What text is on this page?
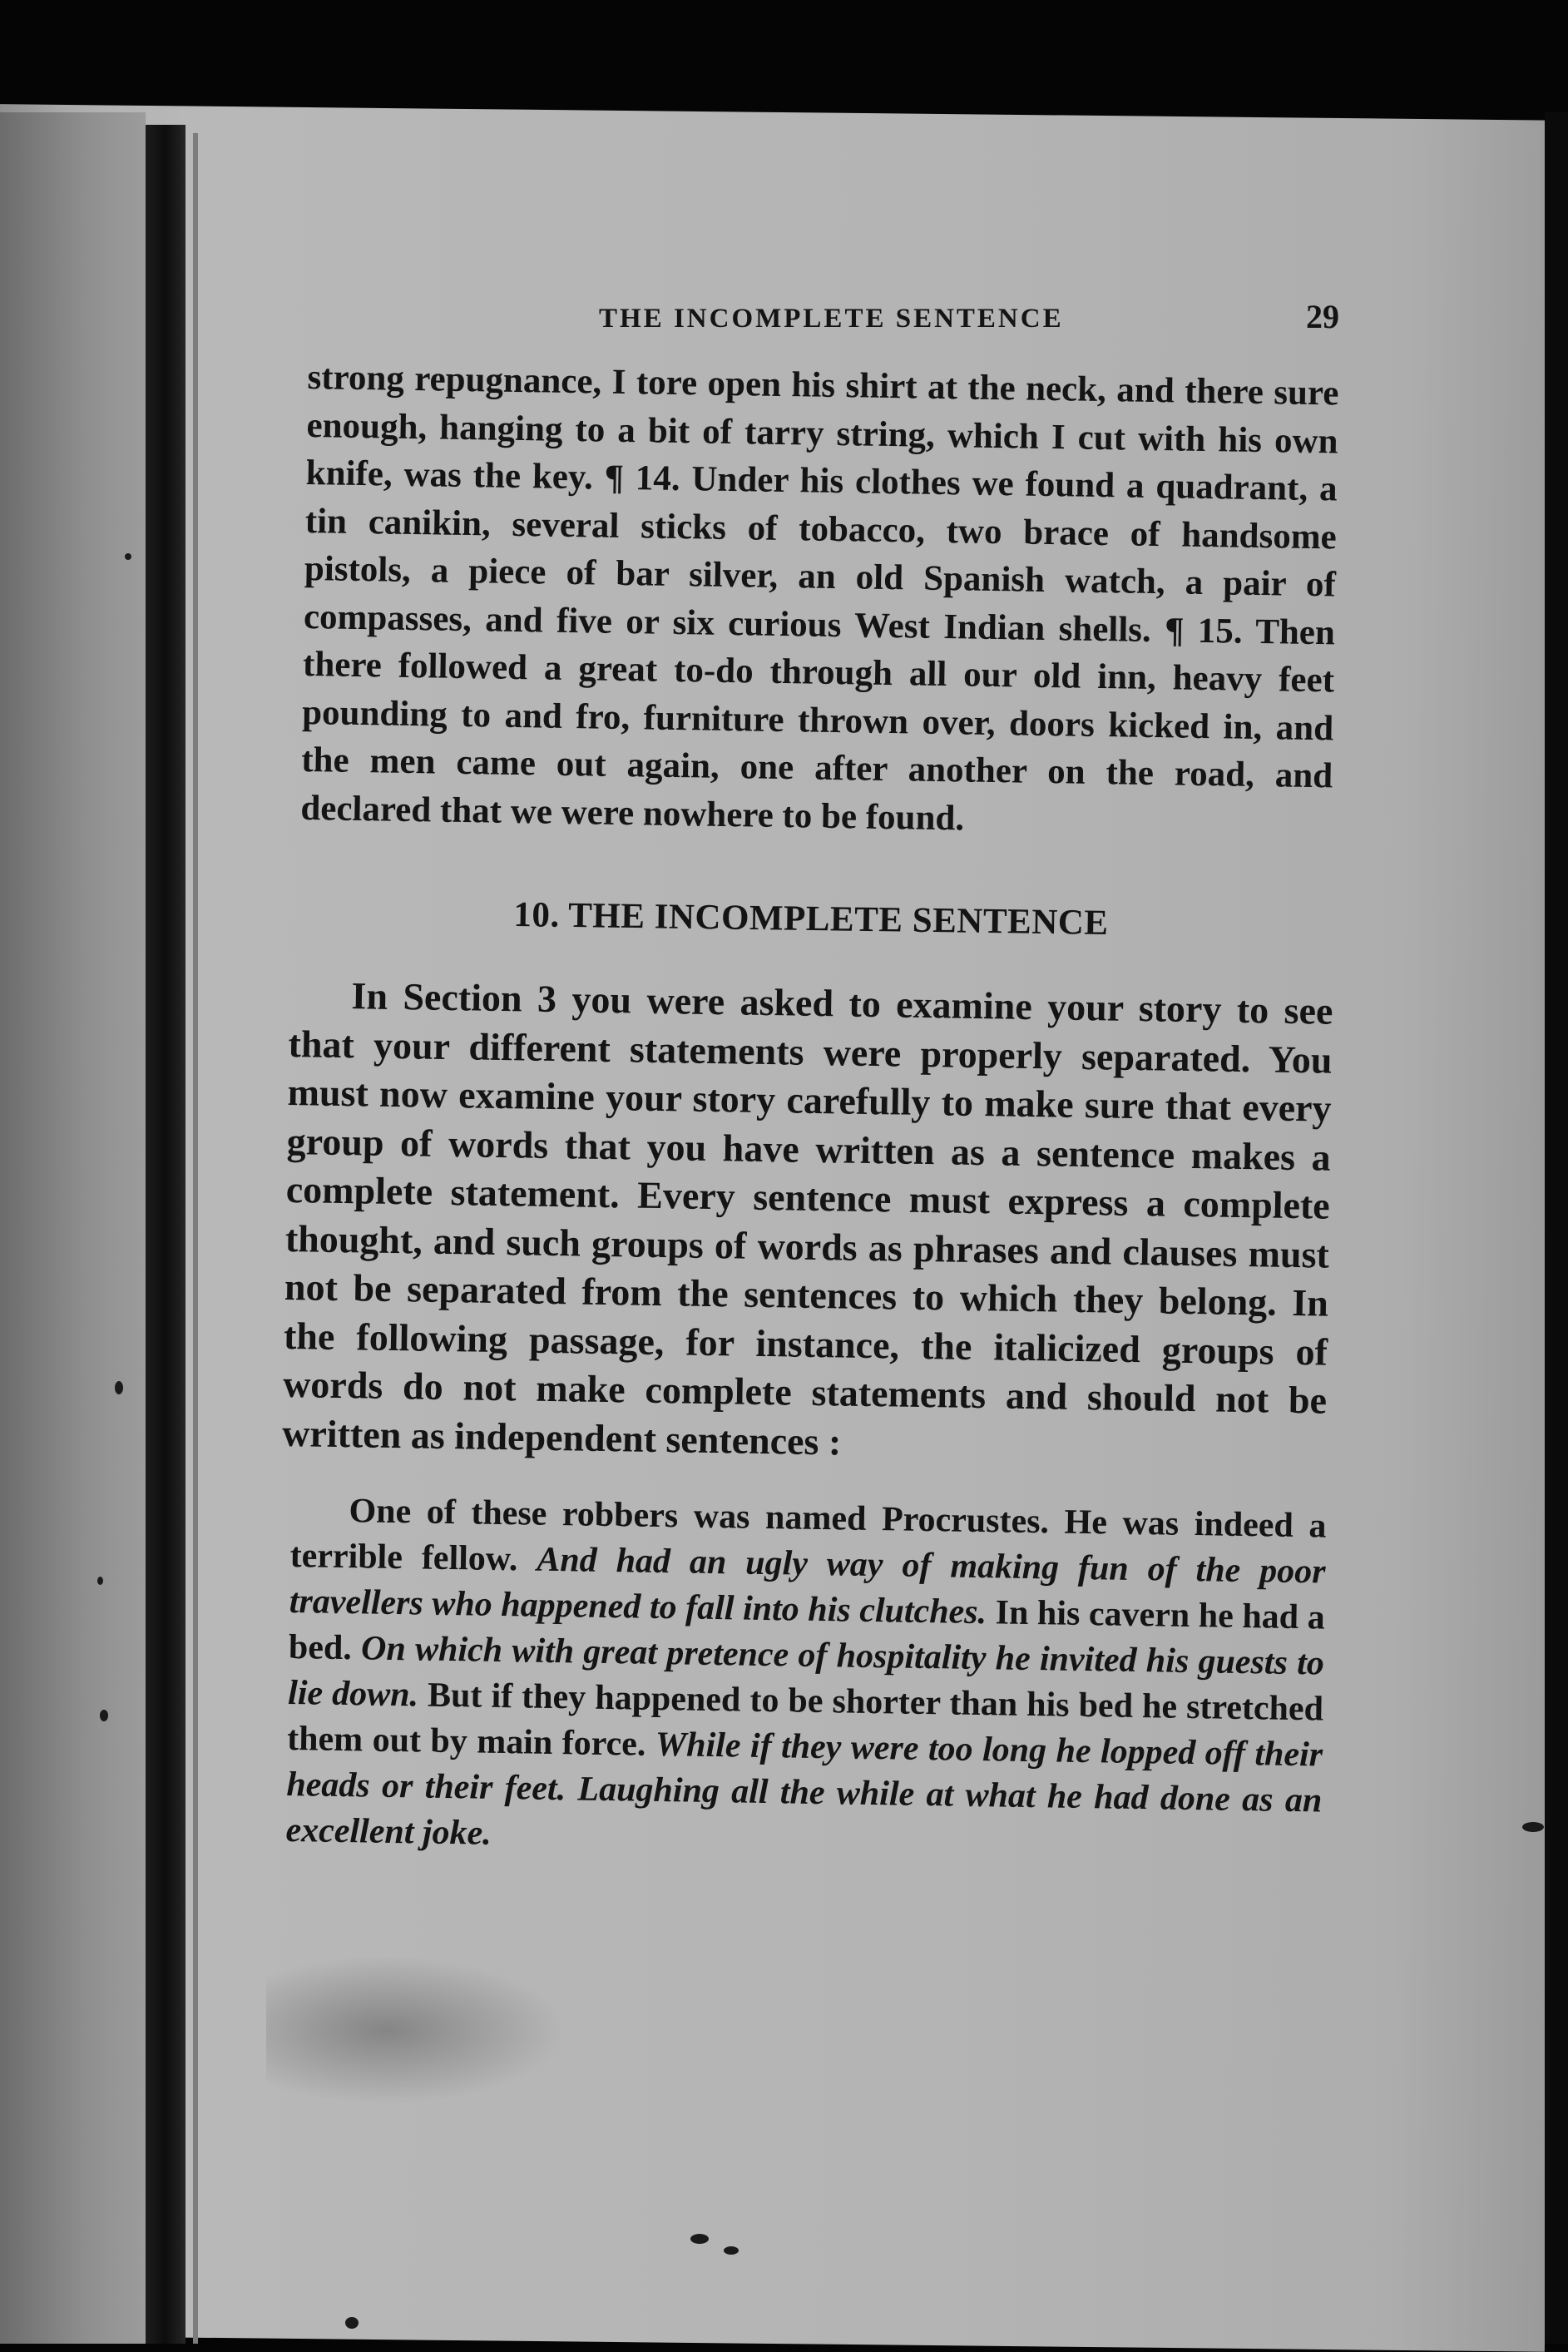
THE INCOMPLETE SENTENCE	29

strong repugnance, I tore open his shirt at the neck, and there sure enough, hanging to a bit of tarry string, which I cut with his own knife, was the key. ¶ 14. Under his clothes we found a quadrant, a tin canikin, several sticks of tobacco, two brace of handsome pistols, a piece of bar silver, an old Spanish watch, a pair of compasses, and five or six curious West Indian shells. ¶ 15. Then there followed a great to-do through all our old inn, heavy feet pounding to and fro, furniture thrown over, doors kicked in, and the men came out again, one after another on the road, and declared that we were nowhere to be found.

10. THE INCOMPLETE SENTENCE

In Section 3 you were asked to examine your story to see that your different statements were properly separated. You must now examine your story carefully to make sure that every group of words that you have written as a sentence makes a complete statement. Every sentence must express a complete thought, and such groups of words as phrases and clauses must not be separated from the sentences to which they belong. In the following passage, for instance, the italicized groups of words do not make complete statements and should not be written as independent sentences :

One of these robbers was named Procrustes. He was indeed a terrible fellow. And had an ugly way of making fun of the poor travellers who happened to fall into his clutches. In his cavern he had a bed. On which with great pretence of hospitality he invited his guests to lie down. But if they happened to be shorter than his bed he stretched them out by main force. While if they were too long he lopped off their heads or their feet. Laughing all the while at what he had done as an excellent joke.
